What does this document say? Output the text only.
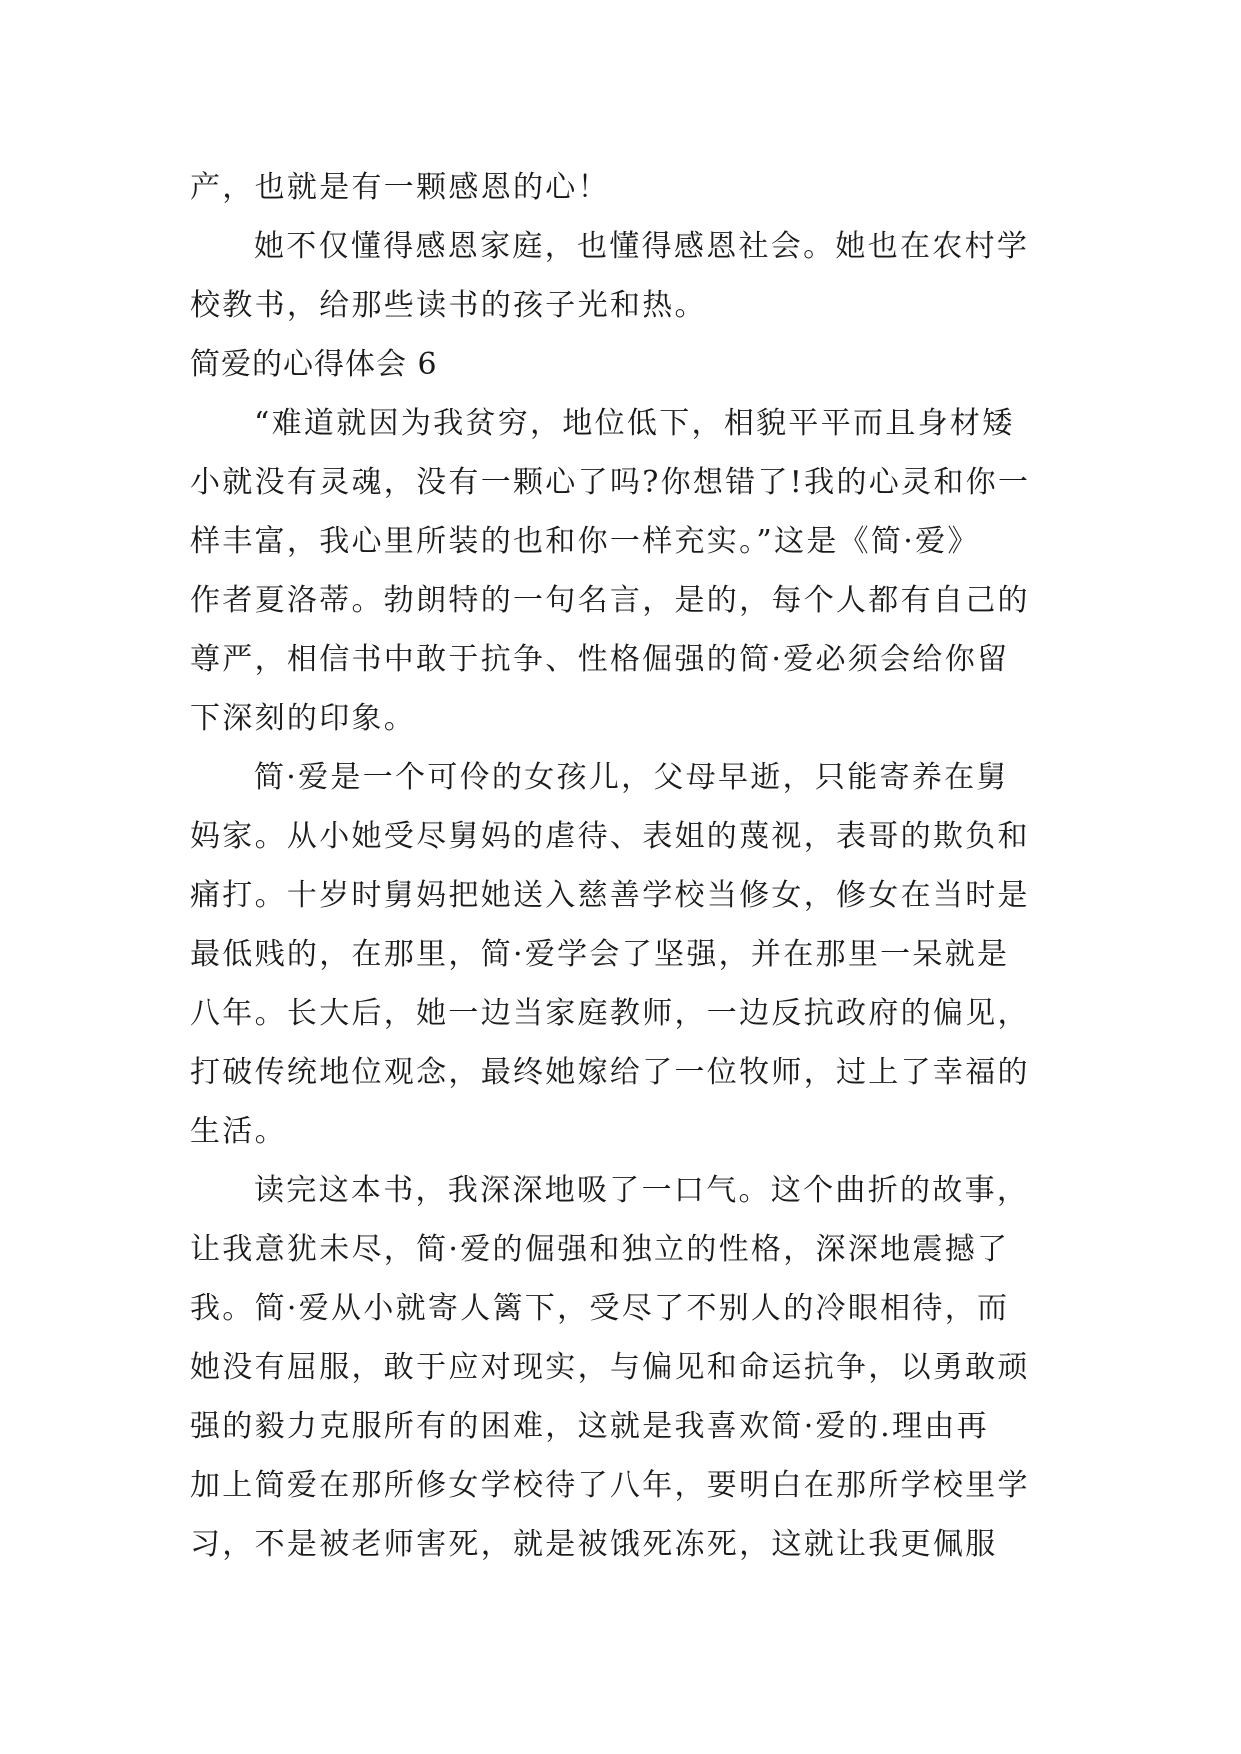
产，也就是有一颗感恩的心！
她不仅懂得感恩家庭，也懂得感恩社会。她也在农村学
校教书，给那些读书的孩子光和热。
简爱的心得体会 6
“难道就因为我贫穷，地位低下，相貌平平而且身材矮
小就没有灵魂，没有一颗心了吗?你想错了!我的心灵和你一
样丰富，我心里所装的也和你一样充实。”这是《简·爱》
作者夏洛蒂。勃朗特的一句名言，是的，每个人都有自己的
尊严，相信书中敢于抗争、性格倔强的简·爱必须会给你留
下深刻的印象。
简·爱是一个可伶的女孩儿，父母早逝，只能寄养在舅
妈家。从小她受尽舅妈的虐待、表姐的蔑视，表哥的欺负和
痛打。十岁时舅妈把她送入慈善学校当修女，修女在当时是
最低贱的，在那里，简·爱学会了坚强，并在那里一呆就是
八年。长大后，她一边当家庭教师，一边反抗政府的偏见，
打破传统地位观念，最终她嫁给了一位牧师，过上了幸福的
生活。
读完这本书，我深深地吸了一口气。这个曲折的故事，
让我意犹未尽，简·爱的倔强和独立的性格，深深地震撼了
我。简·爱从小就寄人篱下，受尽了不别人的冷眼相待，而
她没有屈服，敢于应对现实，与偏见和命运抗争，以勇敢顽
强的毅力克服所有的困难，这就是我喜欢简·爱的.理由再
加上简爱在那所修女学校待了八年，要明白在那所学校里学
习，不是被老师害死，就是被饿死冻死，这就让我更佩服
